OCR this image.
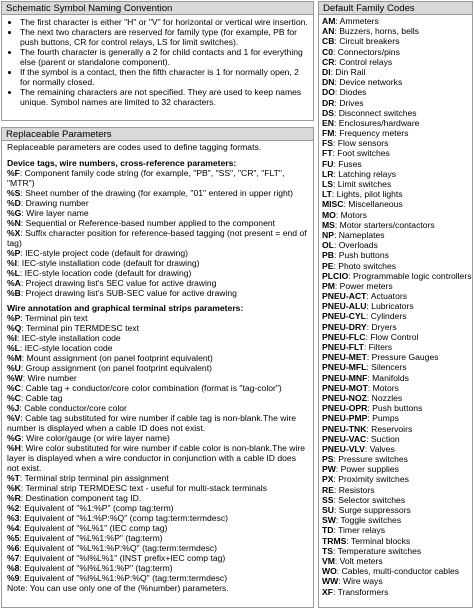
Schematic Symbol Naming Convention
• The first character is either "H" or "V" for horizontal or vertical wire insertion.
• The next two characters are reserved for family type (for example, PB for push buttons, CR for control relays, LS for limit switches).
• The fourth character is generally a 2 for child contacts and 1 for everything else (parent or standalone component).
• If the symbol is a contact, then the fifth character is 1 for normally open, 2 for normally closed.
• The remaining characters are not specified. They are used to keep names unique. Symbol names are limited to 32 characters.
Replaceable Parameters
Replaceable parameters are codes used to define tagging formats.
Device tags, wire numbers, cross-reference parameters:
%F: Component family code string (for example, "PB", "SS", "CR", "FLT", "MTR")
%S: Sheet number of the drawing (for example, "01" entered in upper right)
%D: Drawing number
%G: Wire layer name
%N: Sequential or Reference-based number applied to the component
%X: Suffix character position for reference-based tagging (not present = end of tag)
%P: IEC-style project code (default for drawing)
%I: IEC-style installation code (default for drawing)
%L: IEC-style location code (default for drawing)
%A: Project drawing list's SEC value for active drawing
%B: Project drawing list's SUB-SEC value for active drawing
Wire annotation and graphical terminal strips parameters:
%P: Terminal pin text
%Q: Terminal pin TERMDESC text
%I: IEC-style installation code
%L: IEC-style location code
%M: Mount assignment (on panel footprint equivalent)
%U: Group assignment (on panel footprint equivalent)
%W: Wire number
%C: Cable tag + conductor/core color combination (format is "tag-color")
%C: Cable tag
%J: Cable conductor/core color
%V: Cable tag substituted for wire number if cable tag is non-blank.The wire number is displayed when a cable ID does not exist.
%G: Wire color/gauge (or wire layer name)
%H: Wire color substituted for wire number if cable color is non-blank.The wire layer is displayed when a wire conductor in conjunction with a cable ID does not exist.
%T: Terminal strip terminal pin assignment
%K: Terminal strip TERMDESC text - useful for multi-stack terminals
%R: Destination component tag ID.
%2: Equivalent of "%1:%P" (comp tag:term)
%3: Equivalent of "%1:%P:%Q" (comp tag:term:termdesc)
%4: Equivalent of "%L%1" (IEC comp tag)
%5: Equivalent of "%L%1:%P" (tag:term)
%6: Equivalent of "%L%1:%P:%Q" (tag:term:termdesc)
%7: Equivalent of "%I%L%1" (INST prefix+IEC comp tag)
%8: Equivalent of "%I%L%1:%P" (tag:term)
%9: Equivalent of "%I%L%1:%P:%Q" (tag:term:termdesc)
Note: You can use only one of the (%number) parameters.
Default Family Codes
AM: Ammeters
AN: Buzzers, horns, bells
CB: Circuit breakers
C0: Connectors/pins
CR: Control relays
DI: Din Rail
DN: Device networks
DO: Diodes
DR: Drives
DS: Disconnect switches
EN: Enclosures/hardware
FM: Frequency meters
FS: Flow sensors
FT: Foot switches
FU: Fuses
LR: Latching relays
LS: Limit switches
LT: Lights, pilot lights
MISC: Miscellaneous
MO: Motors
MS: Motor starters/contactors
NP: Nameplates
OL: Overloads
PB: Push buttons
PE: Photo switches
PLCIO: Programmable logic controllers
PM: Power meters
PNEU-ACT: Actuators
PNEU-ALU: Lubricators
PNEU-CYL: Cylinders
PNEU-DRY: Dryers
PNEU-FLC: Flow Control
PNEU-FLT: Filters
PNEU-MET: Pressure Gauges
PNEU-MFL: Silencers
PNEU-MNF: Manifolds
PNEU-MOT: Motors
PNEU-NOZ: Nozzles
PNEU-OPR: Push buttons
PNEU-PMP: Pumps
PNEU-TNK: Reservoirs
PNEU-VAC: Suction
PNEU-VLV: Valves
PS: Pressure switches
PW: Power supplies
PX: Proximity switches
RE: Resistors
SS: Selector switches
SU: Surge suppressors
SW: Toggle switches
TD: Timer relays
TRMS: Terminal blocks
TS: Temperature switches
VM: Volt meters
WO: Cables, multi-conductor cables
WW: Wire ways
XF: Transformers
